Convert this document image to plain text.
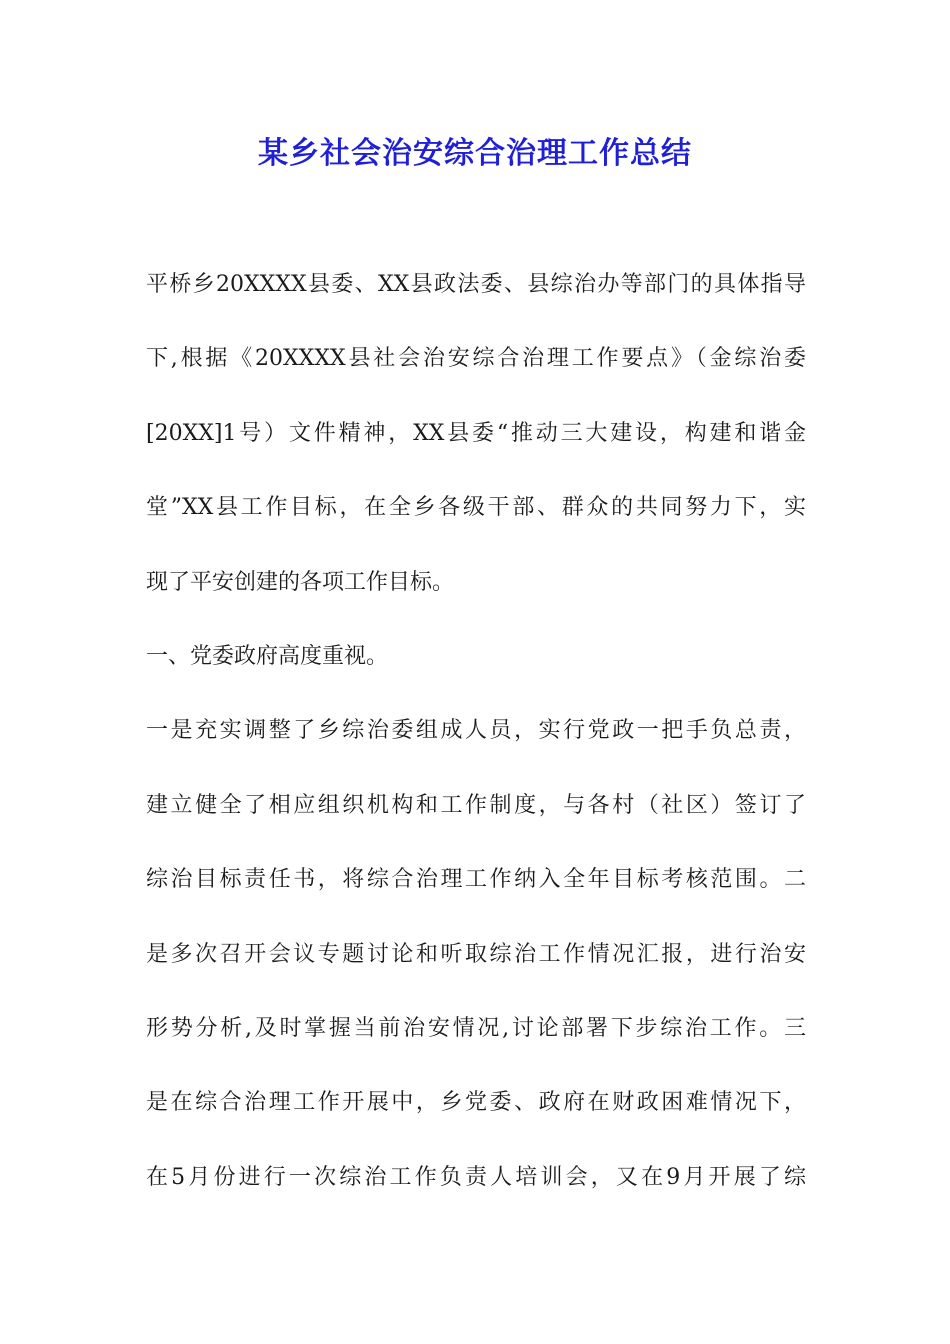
某乡社会治安综合治理工作总结
平桥乡20XXXX县委、XX县政法委、县综治办等部门的具体指导
下,根据《20XXXX县社会治安综合治理工作要点》（金综治委
[20XX]1号）文件精神，XX县委“推动三大建设，构建和谐金
堂”XX县工作目标，在全乡各级干部、群众的共同努力下，实
现了平安创建的各项工作目标。
一、党委政府高度重视。
一是充实调整了乡综治委组成人员，实行党政一把手负总责，
建立健全了相应组织机构和工作制度，与各村（社区）签订了
综治目标责任书，将综合治理工作纳入全年目标考核范围。二
是多次召开会议专题讨论和听取综治工作情况汇报，进行治安
形势分析,及时掌握当前治安情况,讨论部署下步综治工作。三
是在综合治理工作开展中，乡党委、政府在财政困难情况下，
在5月份进行一次综治工作负责人培训会，又在9月开展了综
